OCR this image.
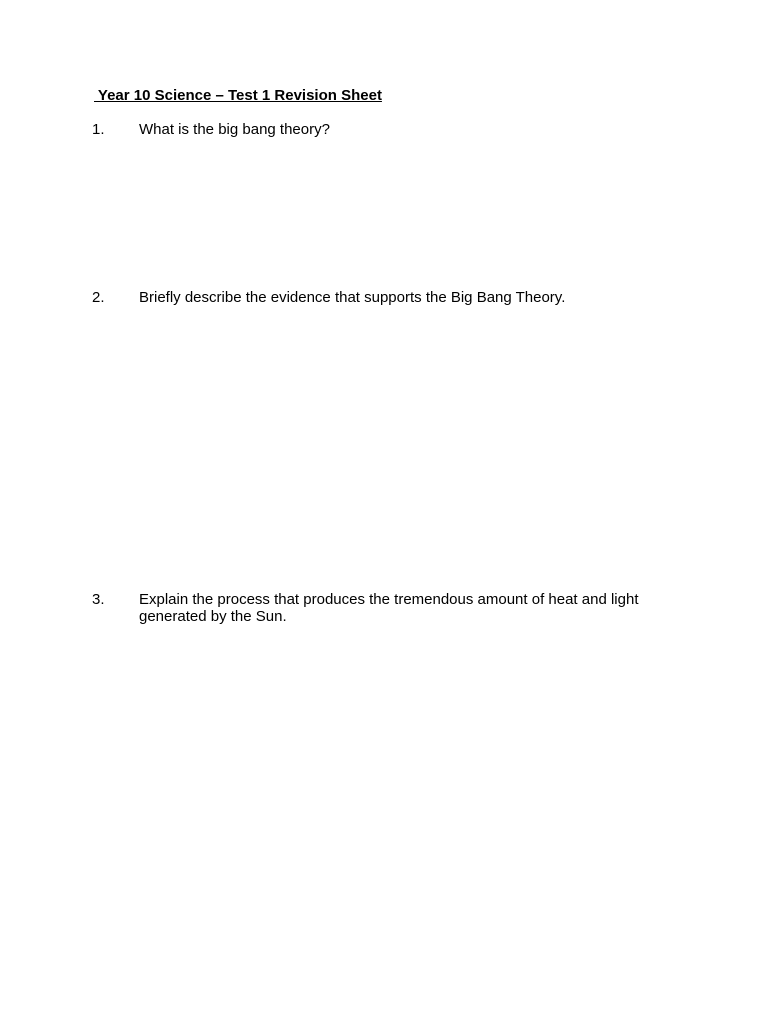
Year 10 Science – Test 1 Revision Sheet
1.	What is the big bang theory?
2.	Briefly describe the evidence that supports the Big Bang Theory.
3.	Explain the process that produces the tremendous amount of heat and light generated by the Sun.
